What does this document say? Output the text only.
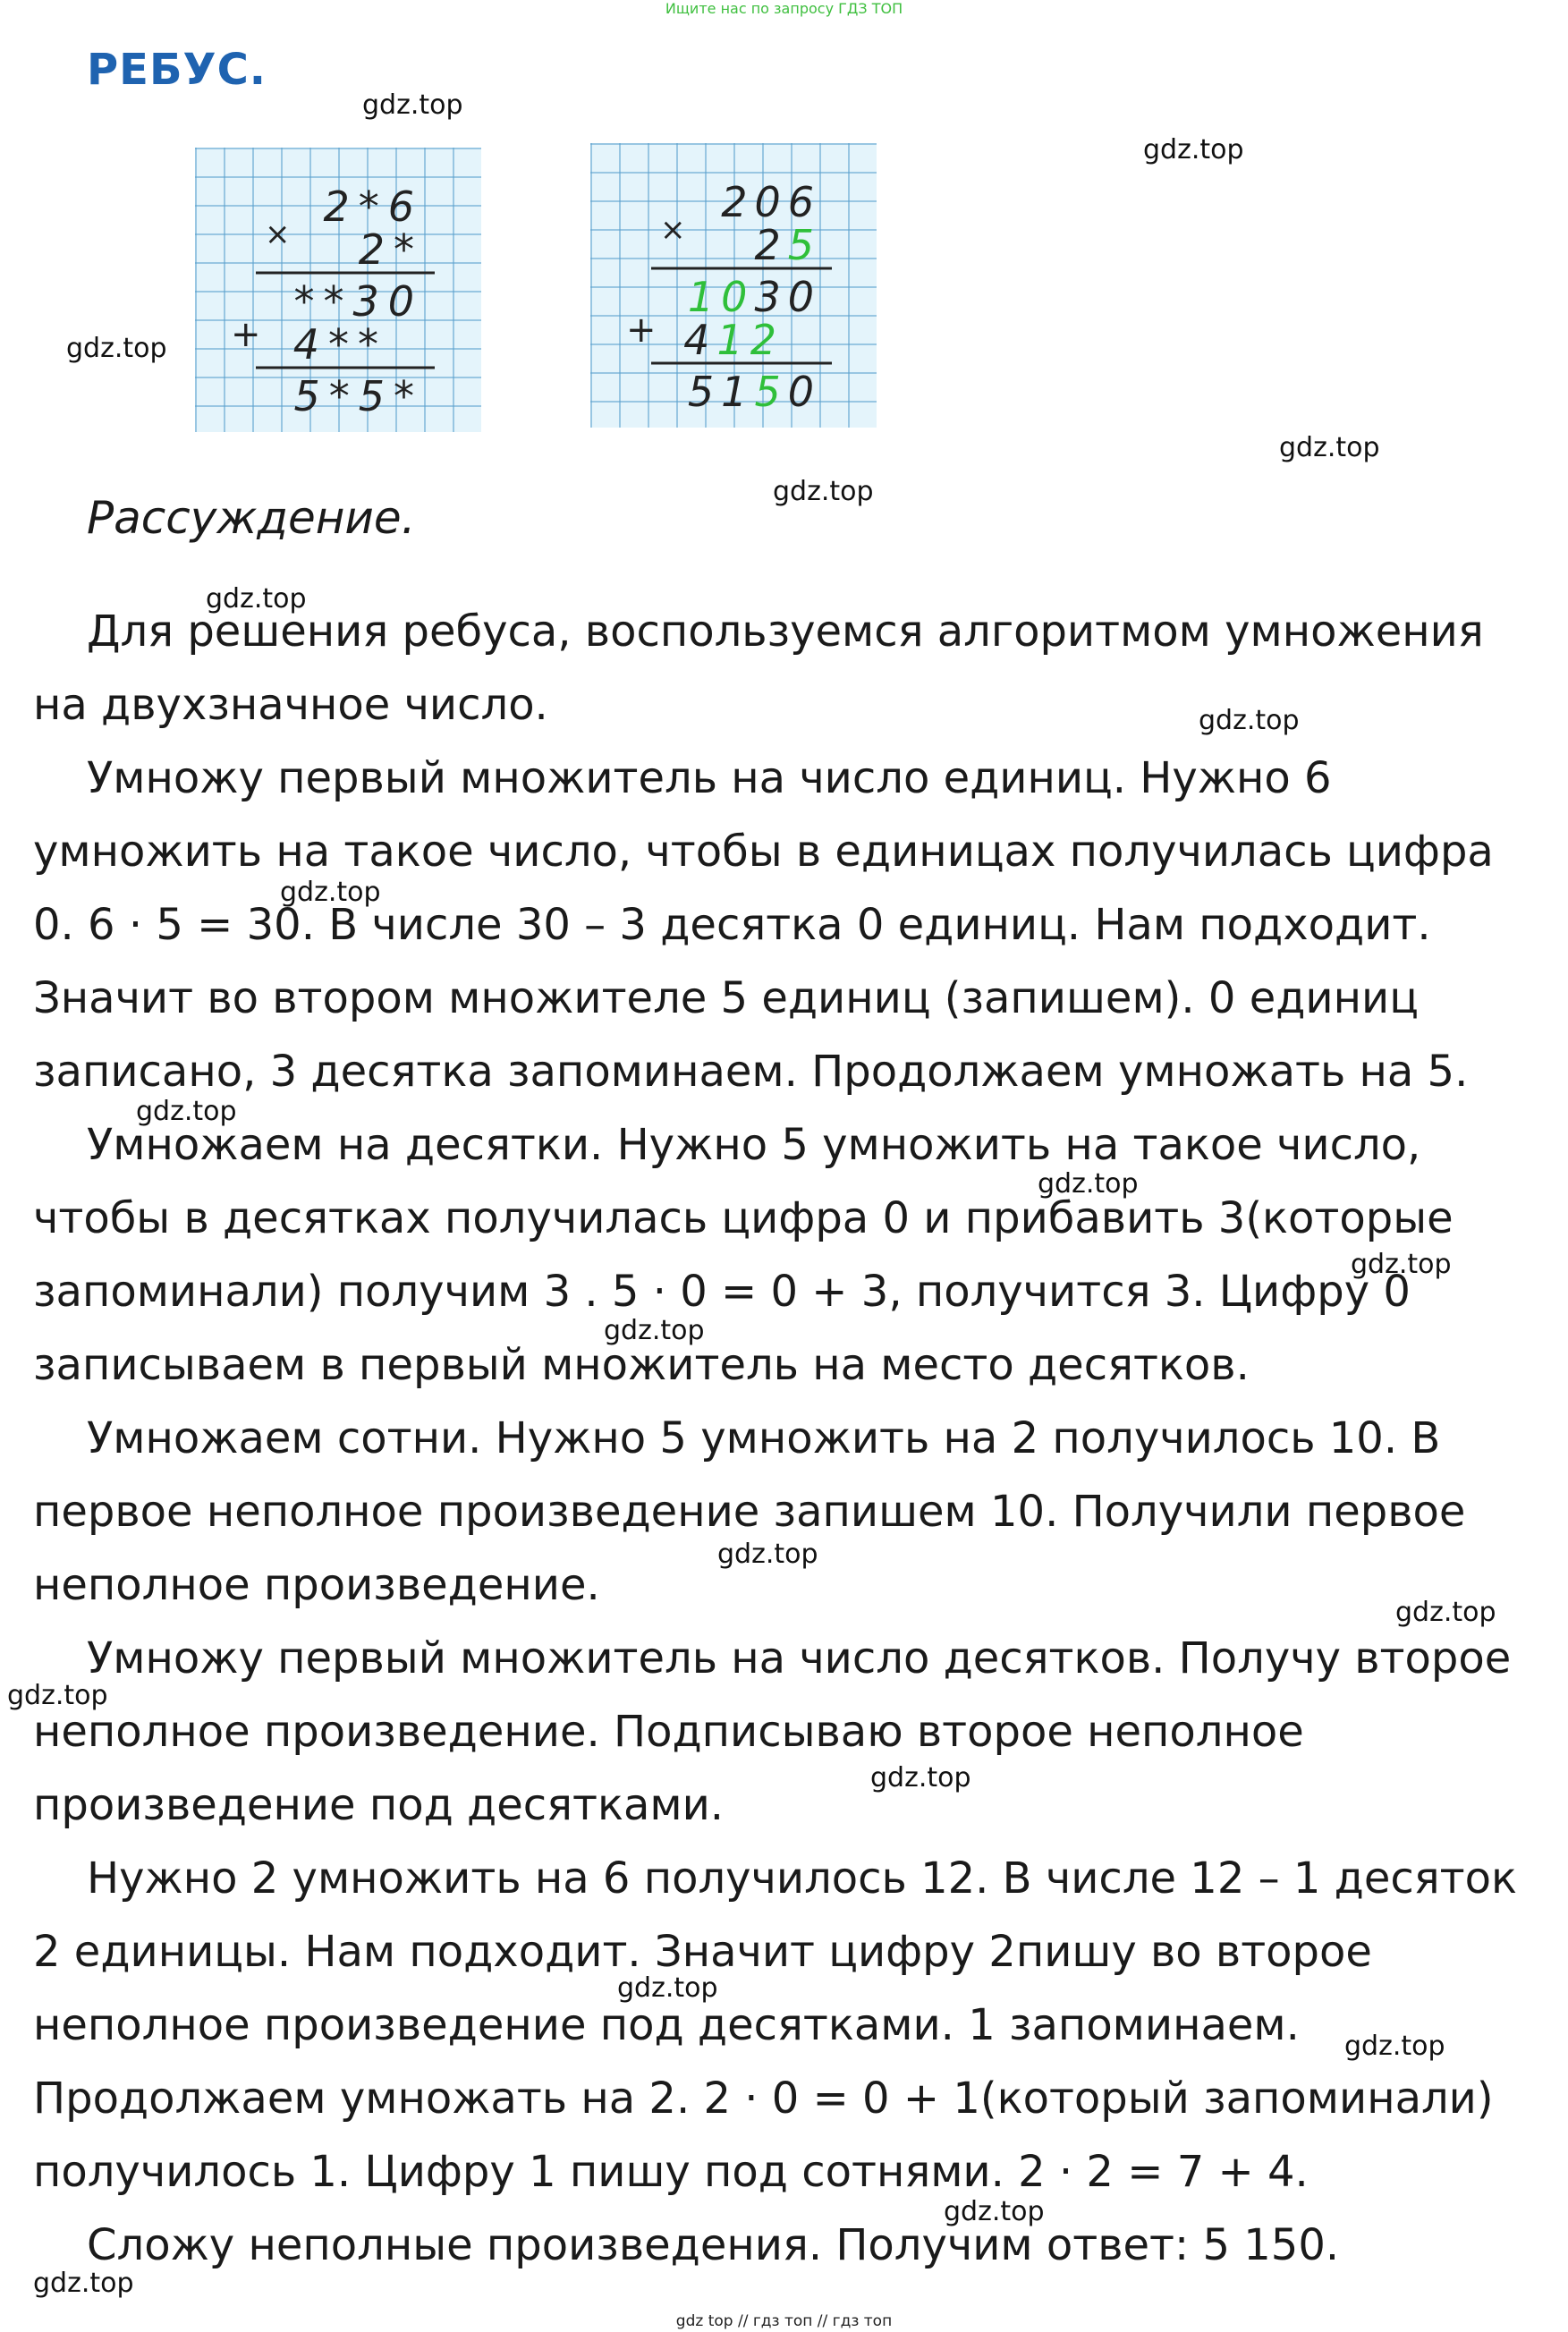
Ищите нас по запросу ГДЗ ТОП
РЕБУС.
×
+
2*6
2*
**30
4**
5*5*
×
+
206
25
1030
412
5150
Рассуждение.

Для решения ребуса, воспользуемся алгоритмом умножения на двухзначное число.

Умножу первый множитель на число единиц. Нужно 6 умножить на такое число, чтобы в единицах получилась цифра 0. 6 · 5 = 30. В числе 30 – 3 десятка 0 единиц. Нам подходит. Значит во втором множителе 5 единиц (запишем). 0 единиц записано, 3 десятка запоминаем. Продолжаем умножать на 5.

Умножаем на десятки. Нужно 5 умножить на такое число, чтобы в десятках получилась цифра 0 и прибавить 3(которые запоминали) получим 3 . 5 · 0 = 0 + 3, получится 3. Цифру 0 записываем в первый множитель на место десятков.

Умножаем сотни. Нужно 5 умножить на 2 получилось 10. В первое неполное произведение запишем 10. Получили первое неполное произведение.

Умножу первый множитель на число десятков. Получу второе неполное произведение. Подписываю второе неполное произведение под десятками.

Нужно 2 умножить на 6 получилось 12. В числе 12 – 1 десяток 2 единицы. Нам подходит. Значит цифру 2пишу во второе неполное произведение под десятками. 1 запоминаем. Продолжаем умножать на 2. 2 · 0 = 0 + 1(который запоминали) получилось 1. Цифру 1 пишу под сотнями. 2 · 2 = 7 + 4.

Сложу неполные произведения. Получим ответ: 5 150.

gdz.top
gdz.top
gdz.top
gdz.top
gdz.top
gdz.top
gdz.top
gdz.top
gdz.top
gdz.top
gdz.top
gdz.top
gdz.top
gdz.top
gdz.top
gdz.top
gdz.top
gdz.top
gdz.top
gdz.top
gdz top // гдз топ // гдз топ
